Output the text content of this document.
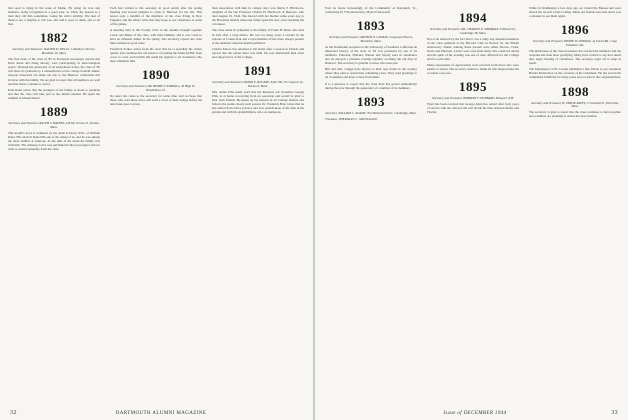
that sport is dying in the wake of Maine. By doing for love and business, being recognized as a good year, so when, the dearest is a man they call him sometimes. Going his wife's tallying. The best of them is not a tallying to tell you, and said it goes to them, and to all that.

1882
Secretary and Treasurer, WALTER W. WELLS, 14 Ruthven Terrace, Brookline 46, Mass.

The first issue of the class of '82 in Portland's newspaper reports that Dave Rand and Doug Moody were participating in intercollegiate sports. Through the generosity of an anonymous donor, the class of '82 will show its gratitude by a remembrance at the college football dinner. Anyone interested can make the trip to the Hanover celebration this October with the family. We are glad to report that all members are well and that letters continue to arrive.

Dale Rand writes that the youngest of his family is about to graduate and that the class will take part in the annual reunion. He spent the summer at Mount Desert.

1889
Secretary and Treasurer, RALPH S. HAYNES, 246 Mt. Vernon St., Boston, Mass.

This month's news is saddened by the death at Derry, N.H., of William Rand. His survival made him one of the oldest of us, and he was among the most faithful at reunions. At the time of his death his family was with him. The obituary notice was published in the local papers and we wish to extend sympathy from the class.

Each had written to the secretary in good spirits after the spring meeting and several planned to come to Hanover for the fall. This leaves only a handful of the members of the class living in New England, and the others write that they hope to see classmates at some of the games.

A meeting held at the Faculty Club in the autumn brought together Lewis and Baker of the class, with their families, and it was voted to hold an informal dinner in the spring. The secretary reports the class fund remains in good order.

Frederick Parker writes from the west that he is spending his winter quietly and continues his old practice of reading the MAGAZINE from cover to cover each month. He sends his regards to all classmates who may remember him.

1890
Secretary and Treasurer, DR. HENRY F. KIMBALL, 49 High St., Brattleboro, Vt.

No news has come to the secretary for some time, and we hope that those who read these notes will send a word of their doings before the next issue goes to press.

than association with him in college days was Mavis P. Hitchcock, daughter of the late Professor Charles H. Hitchcock of Hanover, who died August 19, 1944. She moved with her mother some years ago to the Hawaiian Islands where her father spent his later years studying the volcanoes.

The class sends its sympathy to the family of Frank H. Rand, who died in July after a long illness. He was for many years a teacher in the schools of Connecticut and a loyal member of the class, always present at the reunions when his health permitted.

Charles Moore has returned to his home after a season in Florida and reports that the winter there was mild. He sees Dartmouth men often and enjoys news of the College.

1891
Secretary and Treasurer, FRANK E. ROGERS, Suite 509, 50 Congress St., Boston 9, Mass.

Mrs. Annie Ellis sends word that her husband, our classmate George Ellis, is at home recovering from an operation and would be glad to hear from friends. He keeps up his interest in all College matters and follows the teams closely each season. Dr. Frederick Hale writes that he has retired from active practice and now spends most of his time in his garden and with his grandchildren, who are numerous.

32	DARTMOUTH ALUMNI MAGAZINE

Ever be borne increasingly of the Community of Randolph, Vt., celebrating its 75th anniversary, Myers Farnsworth.

1893
Secretary and Treasurer, ARTHUR N. GILMAN, Longwood Towers, Brookline, Mass.

At the Dartmouth reception at the University of Southern California an illustrated history of the class of '93 was presented by one of its members. Emerson, Holland, Warner and Strong were in attendance and all enjoyed a pleasant evening together, recalling the old days in Hanover. The secretary is grateful to those who took part.

Bill and Mrs. Griggs have moved to their new home in the country where they plan to spend their remaining years. They send greetings to all classmates and hope to hear from them.

It is a pleasure to report that the class fund has grown substantially during the year through the generosity of a number of its members.

1893
Secretary, WILLIAM C. ADAMS, 764 Memorial Drive, Cambridge, Mass.

Treasurer, SHERIDAN C. MONTAGUE.

1894
Secretary and Treasurer, DR. CHARLES E. SHERMAN, 8 Willard St., Cambridge 38, Mass.

Not at all deterred by the fact that it was a rainy day, nineteen members of the class gathered at the Harvard Club in Boston for the fiftieth anniversary dinner. Among those present were Allen, Brown, Clark, Davis and Emerson. Letters were read from many who could not attend and the spirit of the evening was one of deep affection for the College and for each other.

Many expressions of appreciation were received from those who were unable to attend. The secretary wishes to thank all who helped make the occasion a success.

1895
Secretary and Treasurer, HERBERT F. HUBBARD, Hanover, N.H.

Word has been received that George Allen has retired after forty years of service with the railroad and will divide his time between Maine and Florida.

While in Washington a few days ago we visited the Bureau and were shown the records of the College. Many old friends were met and it was a pleasure to see them again.

1896
Secretary and Treasurer, HENRY W. LERMAN, 44 Forest Rd., Cape Elizabeth, Me.

The ninth issue of the class newsletter has reached the members and the response has been most gratifying. Many have written to say how much they enjoy hearing of classmates. The secretary urges all to keep in touch.

The Manchester, N.H., Leader published a fine tribute to our classmate Harold Richardson on the occasion of his retirement. He has served his community faithfully for many years and we join in the congratulations.

1898
Secretary and Treasurer, H. PHILIP PATEY, 5 Cortlandt St., Worcester, Mass.

The secretary is glad to report that the class continues to hold together and a number are planning to attend the next reunion.

Issue of DECEMBER 1944	33
